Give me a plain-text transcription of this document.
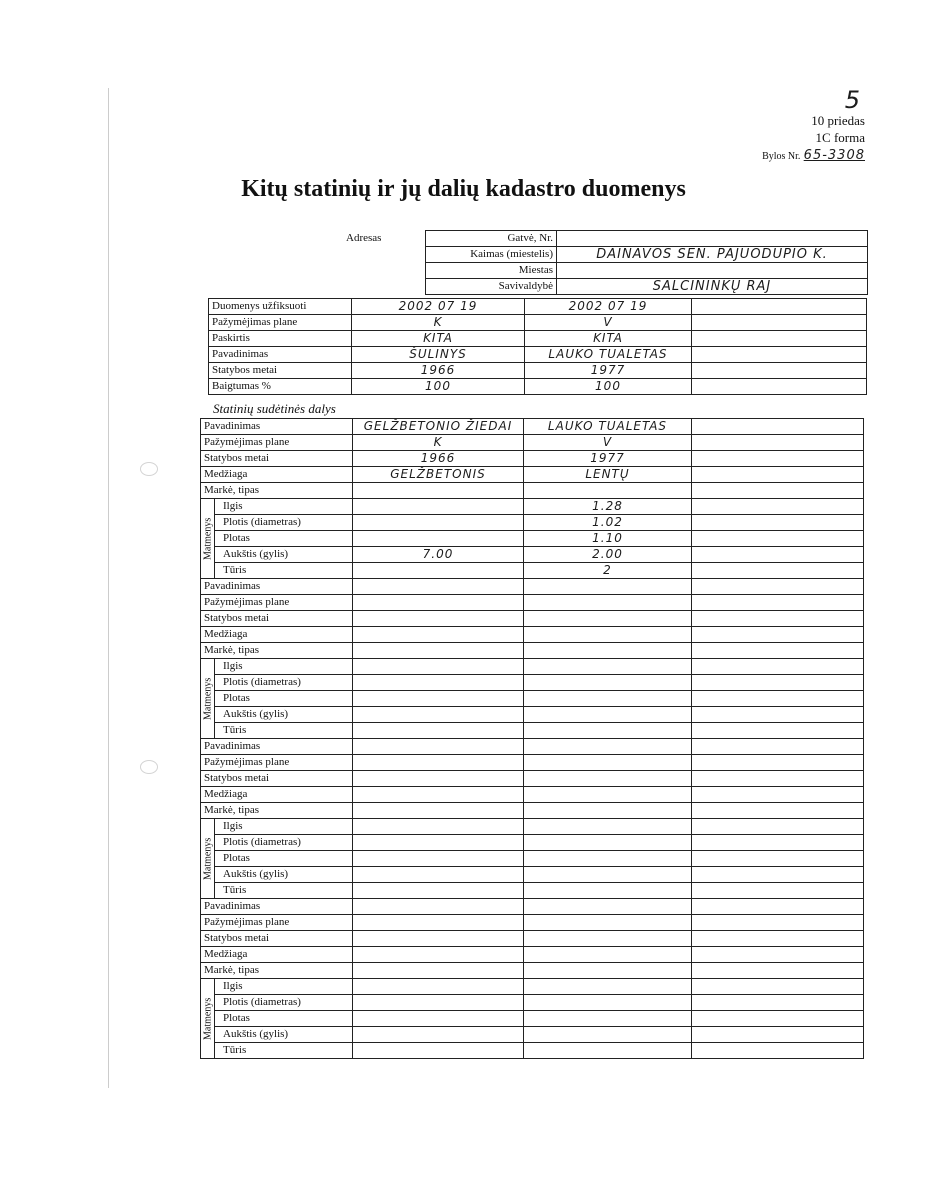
5
10 priedas
1C forma
Bylos Nr. 65-3308
Kitų statinių ir jų dalių kadastro duomenys
Adresas	Gatvė, Nr.	
Kaimas (miestelis)	DAINAVOS SEN. PAJUODUPIO K.
Miestas	
Savivaldybė	ŠALČININKŲ RAJ
Duomenys užfiksuoti	2002 07 19	2002 07 19	
Pažymėjimas plane	K	V	
Paskirtis	KITA	KITA	
Pavadinimas	ŠULINYS	LAUKO TUALETAS	
Statybos metai	1966	1977	
Baigtumas %	100	100	
Statinių sudėtinės dalys
Pavadinimas		GELŽBETONIO ŽIEDAI	LAUKO TUALETAS	
Pažymėjimas plane		K	V	
Statybos metai		1966	1977	
Medžiaga		GELŽBETONIS	LENTŲ	
Markė, tipas				
Matmenys	Ilgis		1.28	
	Plotis (diametras)		1.02	
	Plotas		1.10	
	Aukštis (gylis)	7.00	2.00	
	Tūris		2	
Pavadinimas				
Pažymėjimas plane				
Statybos metai				
Medžiaga				
Markė, tipas				
Matmenys	Ilgis			
	Plotis (diametras)			
	Plotas			
	Aukštis (gylis)			
	Tūris			
Pavadinimas				
Pažymėjimas plane				
Statybos metai				
Medžiaga				
Markė, tipas				
Matmenys	Ilgis			
	Plotis (diametras)			
	Plotas			
	Aukštis (gylis)			
	Tūris			
Pavadinimas				
Pažymėjimas plane				
Statybos metai				
Medžiaga				
Markė, tipas				
Matmenys	Ilgis			
	Plotis (diametras)			
	Plotas			
	Aukštis (gylis)			
	Tūris			
